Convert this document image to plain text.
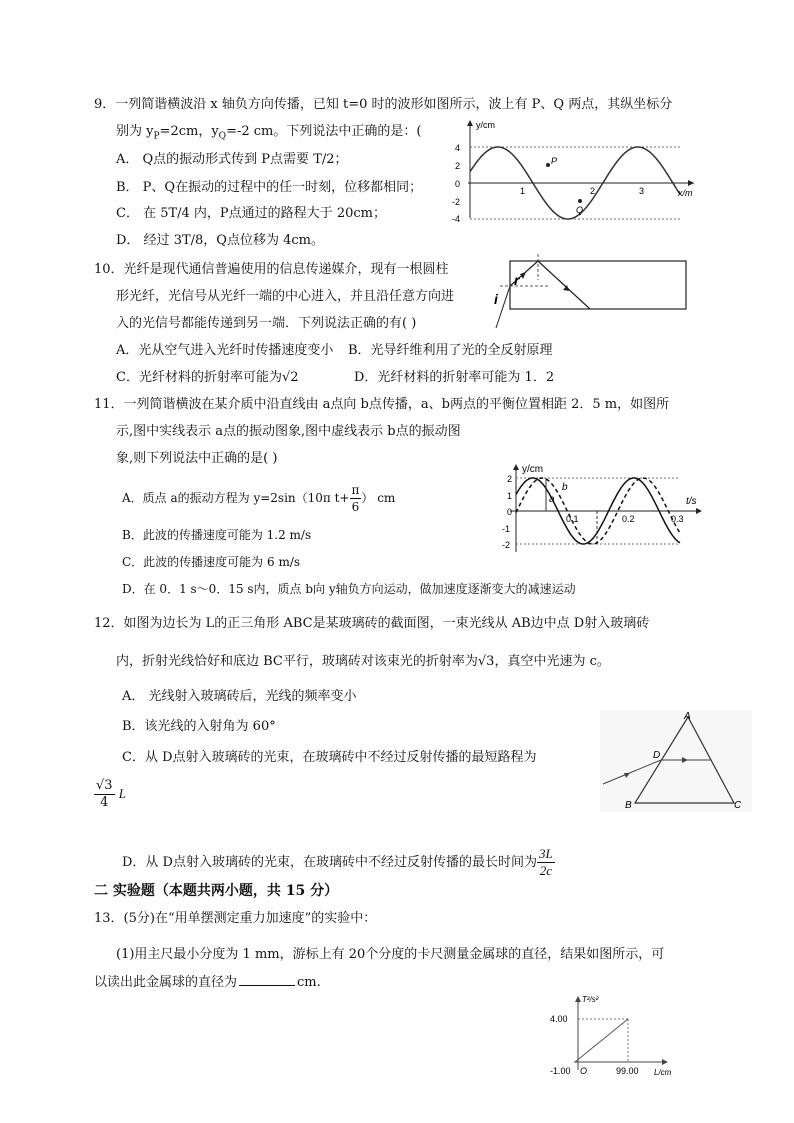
9．一列简谐横波沿 x 轴负方向传播，已知 t=0 时的波形如图所示，波上有 P、Q 两点，其纵坐标分
别为 $y_P=2cm$，$y_Q=-2$ cm。下列说法中正确的是：(
A． Q点的振动形式传到 P点需要 T/2；
B． P、Q在振动的过程中的任一时刻，位移都相同；
C． 在 5T/4 内，P点通过的路程大于 20cm；
D． 经过 3T/8，Q点位移为 4cm。
y/cm
x/m
4
2
0
-2
-4
1	2	3
P
Q
10．光纤是现代通信普遍使用的信息传递媒介，现有一根圆柱
形光纤，光信号从光纤一端的中心进入，并且沿任意方向进
入的光信号都能传递到另一端．下列说法正确的有( )
A．光从空气进入光纤时传播速度变小 B．光导纤维利用了光的全反射原理
C．光纤材料的折射率可能为√2	D．光纤材料的折射率可能为 1．2
i
r
11．一列简谐横波在某介质中沿直线由 a点向 b点传播，a、b两点的平衡位置相距 2．5 m，如图所
示,图中实线表示 a点的振动图象,图中虚线表示 b点的振动图
象,则下列说法中正确的是( )
A．质点 a的振动方程为 y=2sin（10π $t+ \frac{\pi}{6}$ ） cm
B．此波的传播速度可能为 1.2 m/s
C．此波的传播速度可能为 6 m/s
D．在 0．1 s～0．15 s内，质点 b向 y轴负方向运动，做加速度逐渐变大的减速运动
y/cm
t/s
2
1
0
-1
-2
0.1	0.2	0.3
a
b
12．如图为边长为 L的正三角形 ABC是某玻璃砖的截面图，一束光线从 AB边中点 D射入玻璃砖
内，折射光线恰好和底边 BC平行，玻璃砖对该束光的折射率为√3，真空中光速为 c。
A． 光线射入玻璃砖后，光线的频率变小
B．该光线的入射角为 60°
C．从 D点射入玻璃砖的光束，在玻璃砖中不经过反射传播的最短路程为
$\frac{√3}{4}$ L
D．从 D点射入玻璃砖的光束，在玻璃砖中不经过反射传播的最长时间为 $\frac{3L}{2c}$
A
B	C
D
二 实验题（本题共两小题，共 15 分）
13．(5分)在“用单摆测定重力加速度”的实验中：
(1)用主尺最小分度为 1 mm，游标上有 20个分度的卡尺测量金属球的直径，结果如图所示，可
以读出此金属球的直径为	cm.
T²/s²
L/cm
4.00
-1.00 O	99.00
